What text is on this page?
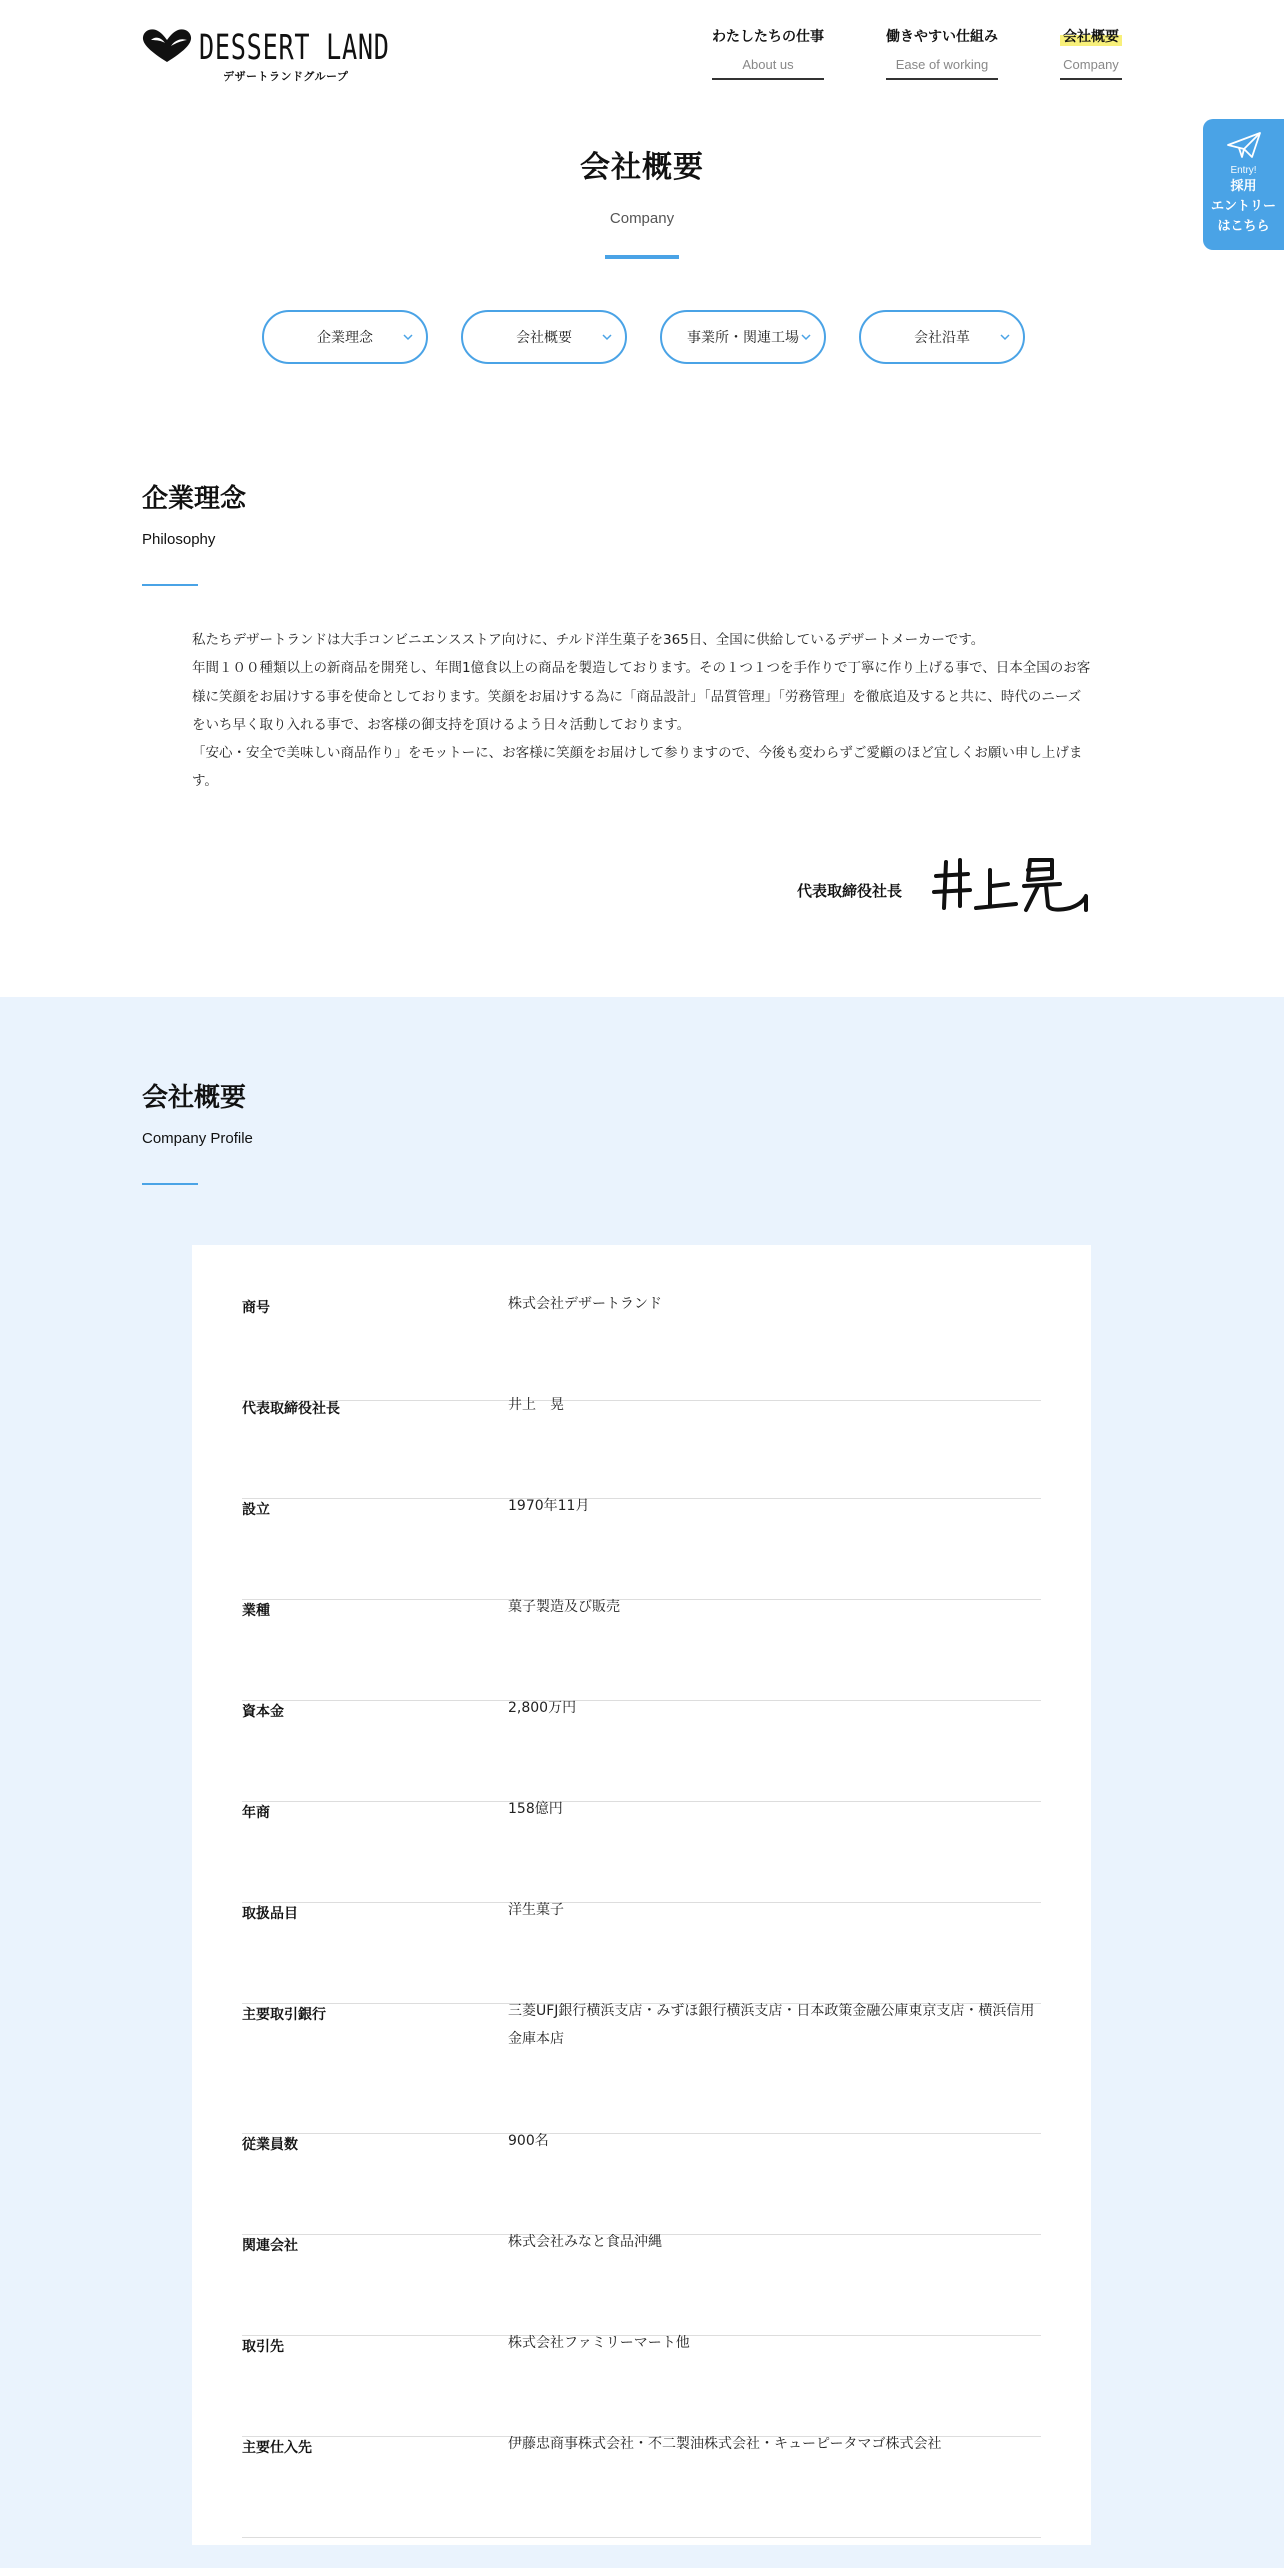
DESSERT LAND
デザートランドグループ
わたしたちの仕事
About us
働きやすい仕組み
Ease of working
会社概要
Company
Entry!
採用
エントリー
はこちら
会社概要
Company
企業理念	会社概要	事業所・関連工場	会社沿革
企業理念
Philosophy

私たちデザートランドは大手コンビニエンスストア向けに、チルド洋生菓子を365日、全国に供給しているデザートメーカーです。

年間１００種類以上の新商品を開発し、年間1億食以上の商品を製造しております。その１つ１つを手作りで丁寧に作り上げる事で、日本全国のお客様に笑顔をお届けする事を使命としております。笑顔をお届けする為に「商品設計」「品質管理」「労務管理」を徹底追及すると共に、時代のニーズをいち早く取り入れる事で、お客様の御支持を頂けるよう日々活動しております。

「安心・安全で美味しい商品作り」をモットーに、お客様に笑顔をお届けして参りますので、今後も変わらずご愛顧のほど宜しくお願い申し上げます。

代表取締役社長
会社概要
Company Profile
商号	株式会社デザートランド
代表取締役社長	井上　晃
設立	1970年11月
業種	菓子製造及び販売
資本金	2,800万円
年商	158億円
取扱品目	洋生菓子
主要取引銀行	三菱UFJ銀行横浜支店・みずほ銀行横浜支店・日本政策金融公庫東京支店・横浜信用金庫本店
従業員数	900名
関連会社	株式会社みなと食品沖縄
取引先	株式会社ファミリーマート他
主要仕入先	伊藤忠商事株式会社・不二製油株式会社・キューピータマゴ株式会社
